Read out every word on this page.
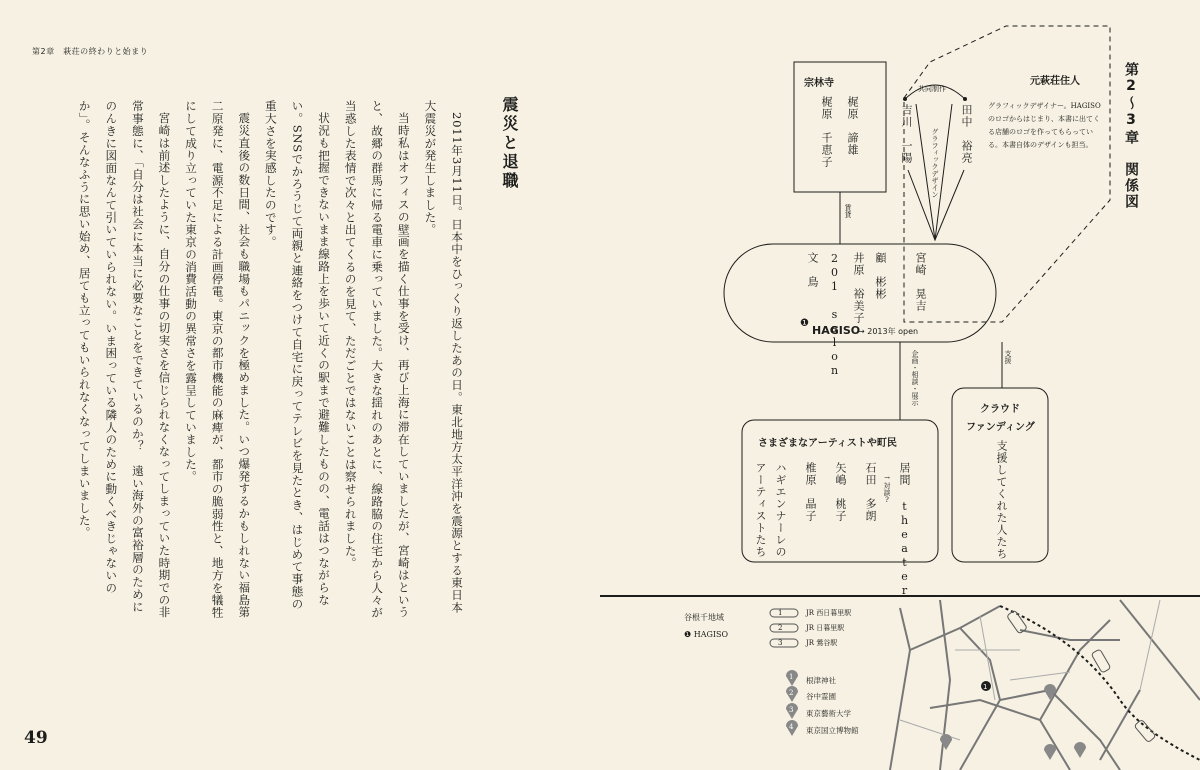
第2章　萩荘の終わりと始まり
震災と退職

2011年3月11日。日本中をひっくり返したあの日。東北地方太平洋沖を震源とする東日本大震災が発生しました。

当時私はオフィスの壁画を描く仕事を受け、再び上海に滞在していましたが、宮崎はというと、故郷の群馬に帰る電車に乗っていました。大きな揺れのあとに、線路脇の住宅から人々が当惑した表情で次々と出てくるのを見て、ただごとではないことは察せられました。

状況も把握できないまま線路上を歩いて近くの駅まで避難したものの、電話はつながらない。SNSでかろうじて両親と連絡をつけて自宅に戻ってテレビを見たとき、はじめて事態の重大さを実感したのです。

震災直後の数日間、社会も職場もパニックを極めました。いつ爆発するかもしれない福島第二原発に、電源不足による計画停電。東京の都市機能の麻痺が、都市の脆弱性と、地方を犠牲にして成り立っていた東京の消費活動の異常さを露呈していました。

宮崎は前述したように、自分の仕事の切実さを信じられなくなってしまっていた時期での非常事態に、「自分は社会に本当に必要なことをできているのか？　遠い海外の富裕層のためにのんきに図面なんて引いていられない。いま困っている隣人のために動くべきじゃないのか」。そんなふうに思い始め、居ても立ってもいられなくなってしまいました。

49
1
第2〜3章　関係図
宗林寺
梶原　諦雄
梶原　千恵子
賃貸
共同制作
吉川　一陽	田中　裕亮
グラフィックデザイン
元萩荘住人
グラフィックデザイナー。HAGISOのロゴからはじまり、本書に出てくる店舗のロゴを作ってもらっている。本書自体のデザインも担当。
宮崎　晃吉
顧　彬彬
井原　裕美子
201 salon
文　鳥
❶
HAGISO
→ 2013年 open
企画・相談・展示	支援
さまざまなアーティストや町民
居間 theater
→対談?
石田　多朗
矢嶋　桃子
椎原　晶子
ハギエンナーレの
アーティストたち
クラウド
ファンディング
支援してくれた人たち
谷根千地域
❶ HAGISO
1
2
3
JR 西日暮里駅
JR 日暮里駅
JR 鶯谷駅
1
2
3
4
根津神社
谷中霊園
東京藝術大学
東京国立博物館
